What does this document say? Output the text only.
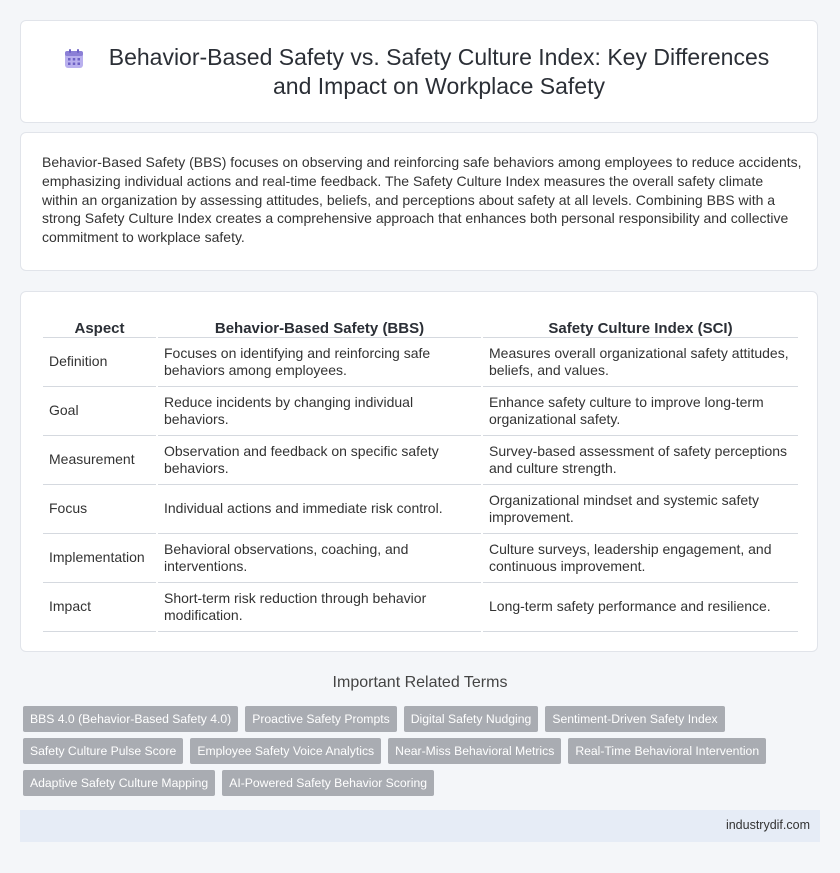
Behavior-Based Safety vs. Safety Culture Index: Key Differences and Impact on Workplace Safety

Behavior-Based Safety (BBS) focuses on observing and reinforcing safe behaviors among employees to reduce accidents, emphasizing individual actions and real-time feedback. The Safety Culture Index measures the overall safety climate within an organization by assessing attitudes, beliefs, and perceptions about safety at all levels. Combining BBS with a strong Safety Culture Index creates a comprehensive approach that enhances both personal responsibility and collective commitment to workplace safety.

Aspect		Behavior-Based Safety (BBS)		Safety Culture Index (SCI)
Definition		Focuses on identifying and reinforcing safe behaviors among employees.		Measures overall organizational safety attitudes, beliefs, and values.
Goal		Reduce incidents by changing individual behaviors.		Enhance safety culture to improve long-term organizational safety.
Measurement		Observation and feedback on specific safety behaviors.		Survey-based assessment of safety perceptions and culture strength.
Focus		Individual actions and immediate risk control.		Organizational mindset and systemic safety improvement.
Implementation		Behavioral observations, coaching, and interventions.		Culture surveys, leadership engagement, and continuous improvement.
Impact		Short-term risk reduction through behavior modification.		Long-term safety performance and resilience.
Important Related Terms
BBS 4.0 (Behavior-Based Safety 4.0)	Proactive Safety Prompts	Digital Safety Nudging	Sentiment-Driven Safety Index
Safety Culture Pulse Score	Employee Safety Voice Analytics	Near-Miss Behavioral Metrics	Real-Time Behavioral Intervention
Adaptive Safety Culture Mapping	AI-Powered Safety Behavior Scoring
industrydif.com
